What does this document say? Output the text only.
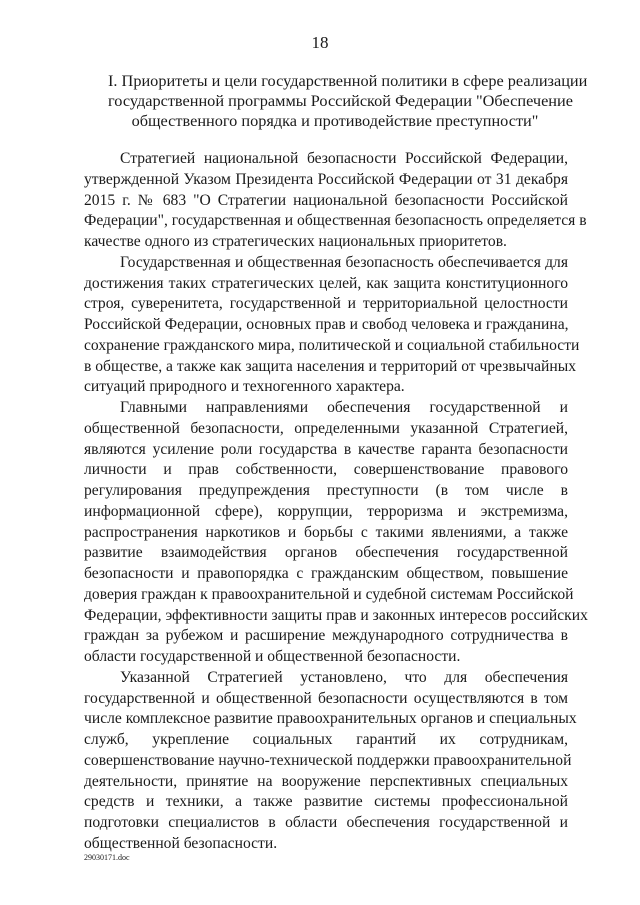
18
I. Приоритеты и цели государственной политики в сфере реализации
государственной программы Российской Федерации "Обеспечение
общественного порядка и противодействие преступности"
Стратегией национальной безопасности Российской Федерации,
утвержденной Указом Президента Российской Федерации от 31 декабря
2015 г. № 683 "О Стратегии национальной безопасности Российской
Федерации", государственная и общественная безопасность определяется в
качестве одного из стратегических национальных приоритетов.
Государственная и общественная безопасность обеспечивается для
достижения таких стратегических целей, как защита конституционного
строя, суверенитета, государственной и территориальной целостности
Российской Федерации, основных прав и свобод человека и гражданина,
сохранение гражданского мира, политической и социальной стабильности
в обществе, а также как защита населения и территорий от чрезвычайных
ситуаций природного и техногенного характера.
Главными направлениями обеспечения государственной и
общественной безопасности, определенными указанной Стратегией,
являются усиление роли государства в качестве гаранта безопасности
личности и прав собственности, совершенствование правового
регулирования предупреждения преступности (в том числе в
информационной сфере), коррупции, терроризма и экстремизма,
распространения наркотиков и борьбы с такими явлениями, а также
развитие взаимодействия органов обеспечения государственной
безопасности и правопорядка с гражданским обществом, повышение
доверия граждан к правоохранительной и судебной системам Российской
Федерации, эффективности защиты прав и законных интересов российских
граждан за рубежом и расширение международного сотрудничества в
области государственной и общественной безопасности.
Указанной Стратегией установлено, что для обеспечения
государственной и общественной безопасности осуществляются в том
числе комплексное развитие правоохранительных органов и специальных
служб, укрепление социальных гарантий их сотрудникам,
совершенствование научно-технической поддержки правоохранительной
деятельности, принятие на вооружение перспективных специальных
средств и техники, а также развитие системы профессиональной
подготовки специалистов в области обеспечения государственной и
общественной безопасности.
29030171.doc
